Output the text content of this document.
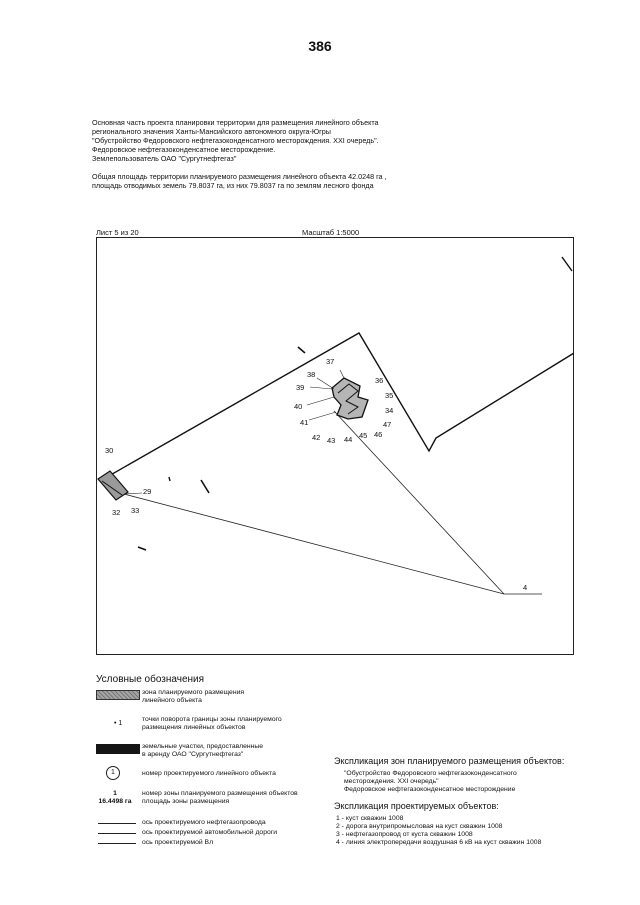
386
Основная часть проекта планировки территории для размещения линейного объекта
регионального значения Ханты-Мансийского автономного округа-Югры
"Обустройство Федоровского нефтегазоконденсатного месторождения. XXI очередь".
Федоровское нефтегазоконденсатное месторождение.
Землепользователь ОАО "Сургутнефтегаз"
Общая площадь территории планируемого размещения линейного объекта 42.0248 га ,
площадь отводимых земель 79.8037 га, из них 79.8037 га по землям лесного фонда
Лист 5 из 20	Масштаб 1:5000
30
29
32 33
37
38
36
39
35
40	34
47
41
42 43 44 45 46
4
Условные обозначения
зона планируемого размещения
линейного объекта
• 1
точки поворота границы зоны планируемого
размещения линейных объектов
земельные участки, предоставленные
в аренду ОАО "Сургутнефтегаз"
1	номер проектируемого линейного объекта
1
16.4498 га
номер зоны планируемого размещения объектов
площадь зоны размещения
ось проектируемого нефтегазопровода
ось проектируемой автомобильной дороги
ось проектируемой Вл
Экспликация зон планируемого размещения объектов:
"Обустройство Федоровского нефтегазоконденсатного
месторождения. XXI очередь"
Федоровское нефтегазоконденсатное месторождение
Экспликация проектируемых объектов:
1 - куст скважин 1008
2 - дорога внутрипромысловая на куст скважин 1008
3 - нефтегазопровод от куста скважин 1008
4 - линия электропередачи воздушная 6 кВ на куст скважин 1008
